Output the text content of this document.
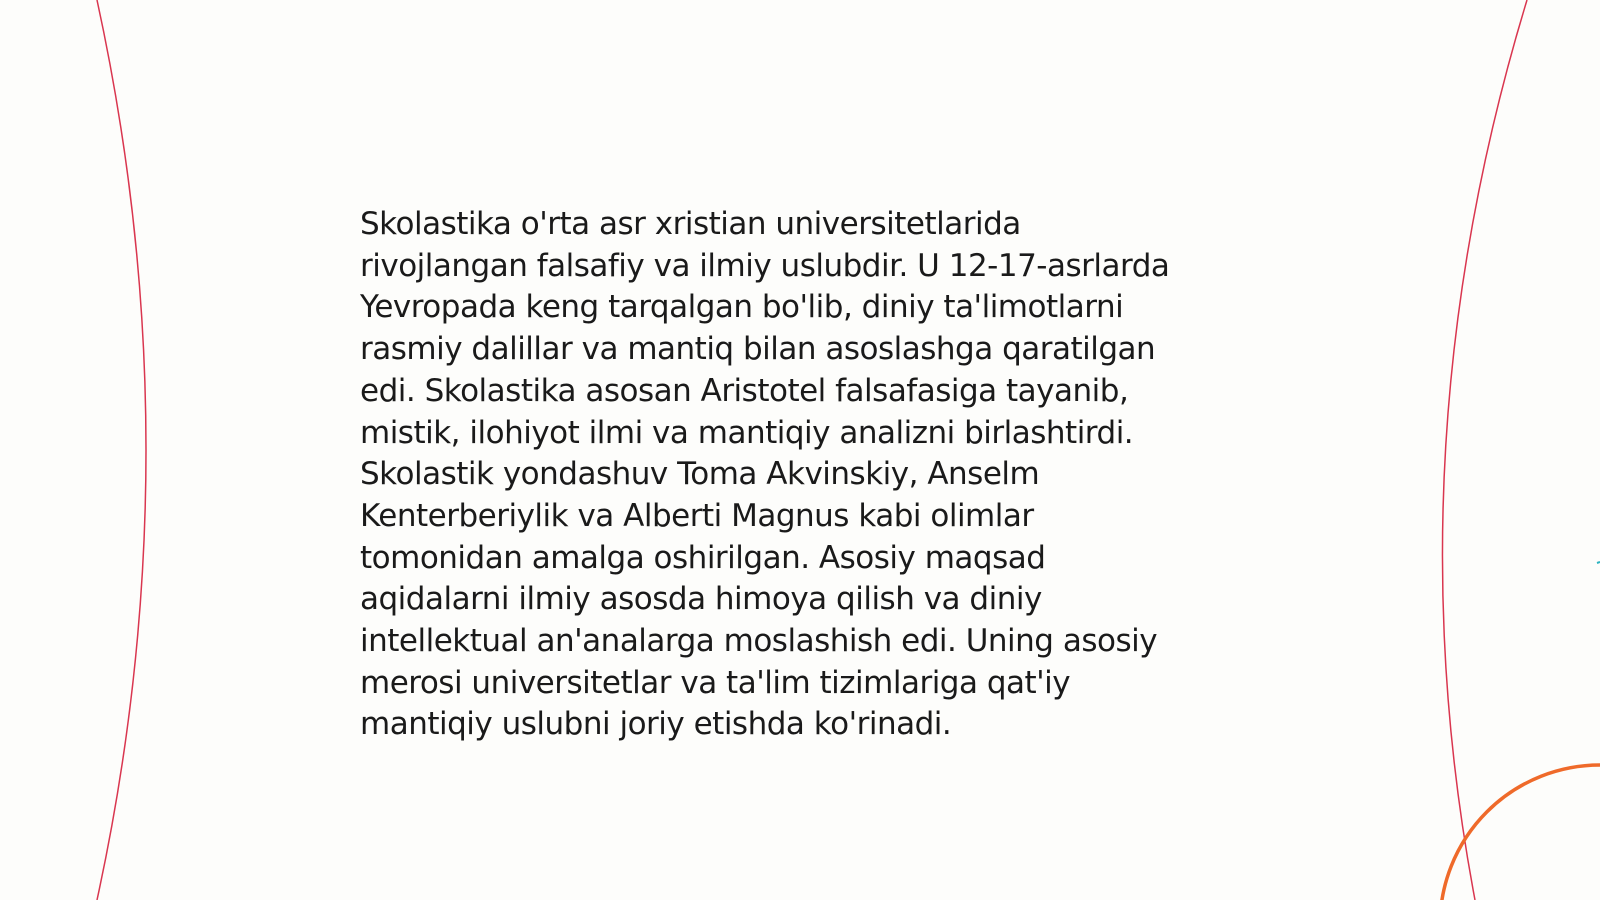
Skolastika o'rta asr xristian universitetlarida
rivojlangan falsafiy va ilmiy uslubdir. U 12-17-asrlarda
Yevropada keng tarqalgan bo'lib, diniy ta'limotlarni
rasmiy dalillar va mantiq bilan asoslashga qaratilgan
edi. Skolastika asosan Aristotel falsafasiga tayanib,
mistik, ilohiyot ilmi va mantiqiy analizni birlashtirdi.
Skolastik yondashuv Toma Akvinskiy, Anselm
Kenterberiylik va Alberti Magnus kabi olimlar
tomonidan amalga oshirilgan. Asosiy maqsad
aqidalarni ilmiy asosda himoya qilish va diniy
intellektual an'analarga moslashish edi. Uning asosiy
merosi universitetlar va ta'lim tizimlariga qat'iy
mantiqiy uslubni joriy etishda ko'rinadi.
